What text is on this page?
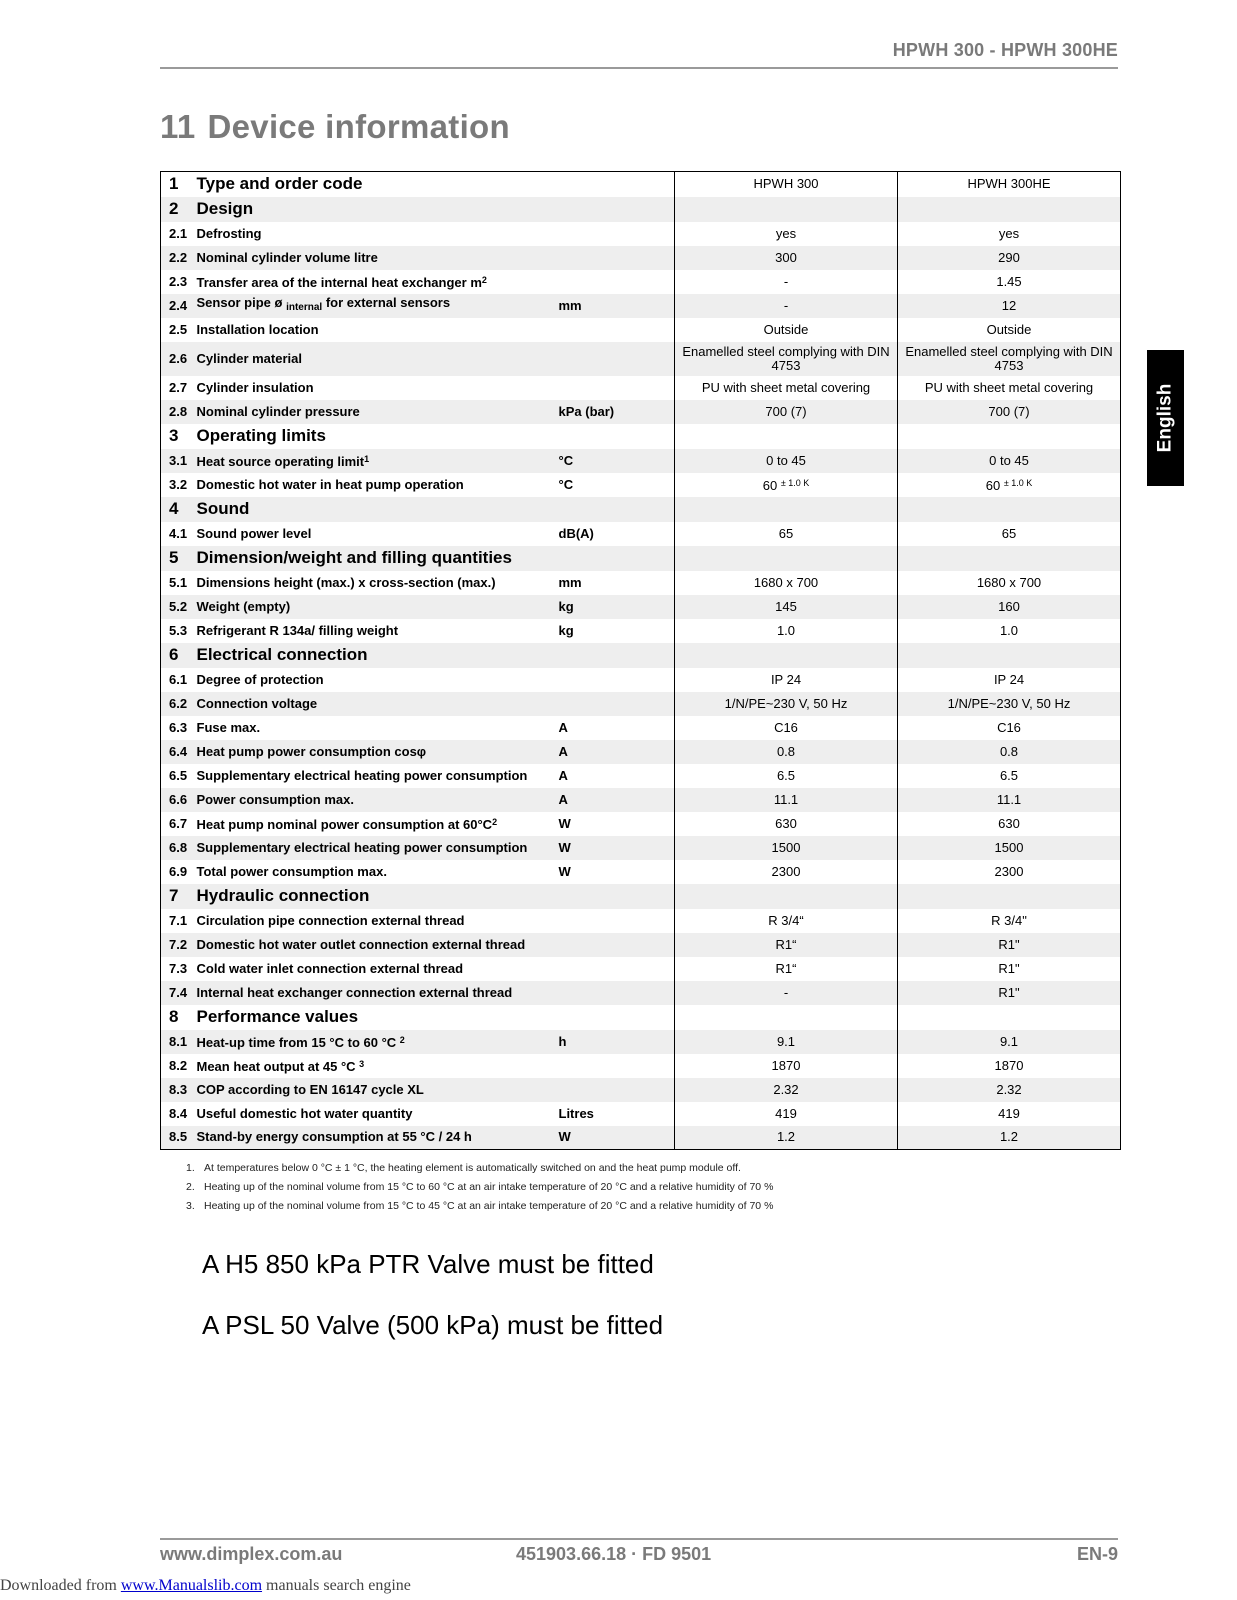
HPWH 300 - HPWH 300HE
11 Device information
English
1	Type and order code		HPWH 300	HPWH 300HE
2	Design			
2.1	Defrosting		yes	yes
2.2	Nominal cylinder volume litre		300	290
2.3	Transfer area of the internal heat exchanger $m^2$		-	1.45
2.4	Sensor pipe ø $_{internal}$ for external sensors	mm	-	12
2.5	Installation location		Outside	Outside
2.6	Cylinder material		Enamelled steel complying with DIN 4753	Enamelled steel complying with DIN 4753
2.7	Cylinder insulation		PU with sheet metal covering	PU with sheet metal covering
2.8	Nominal cylinder pressure	kPa (bar)	700 (7)	700 (7)
3	Operating limits			
3.1	Heat source operating limit$^1$	°C	0 to 45	0 to 45
3.2	Domestic hot water in heat pump operation	°C	60 $^{\pm 1.0 K}$	60 $^{\pm 1.0 K}$
4	Sound			
4.1	Sound power level	dB(A)	65	65
5	Dimension/weight and filling quantities			
5.1	Dimensions height (max.) x cross-section (max.)	mm	1680 x 700	1680 x 700
5.2	Weight (empty)	kg	145	160
5.3	Refrigerant R 134a/ filling weight	kg	1.0	1.0
6	Electrical connection			
6.1	Degree of protection		IP 24	IP 24
6.2	Connection voltage		1/N/PE~230 V, 50 Hz	1/N/PE~230 V, 50 Hz
6.3	Fuse max.	A	C16	C16
6.4	Heat pump power consumption cosφ	A	0.8	0.8
6.5	Supplementary electrical heating power consumption	A	6.5	6.5
6.6	Power consumption max.	A	11.1	11.1
6.7	Heat pump nominal power consumption at $60^\circ C^2$	W	630	630
6.8	Supplementary electrical heating power consumption	W	1500	1500
6.9	Total power consumption max.	W	2300	2300
7	Hydraulic connection			
7.1	Circulation pipe connection external thread		R 3/4“	R 3/4"
7.2	Domestic hot water outlet connection external thread		R1“	R1"
7.3	Cold water inlet connection external thread		R1“	R1"
7.4	Internal heat exchanger connection external thread		-	R1"
8	Performance values			
8.1	Heat-up time from 15 °C to 60 °C $^2$	h	9.1	9.1
8.2	Mean heat output at 45 °C $^3$		1870	1870
8.3	COP according to EN 16147 cycle XL		2.32	2.32
8.4	Useful domestic hot water quantity	Litres	419	419
8.5	Stand-by energy consumption at 55 °C / 24 h	W	1.2	1.2
1. At temperatures below 0 °C ± 1 °C, the heating element is automatically switched on and the heat pump module off.
2. Heating up of the nominal volume from 15 °C to 60 °C at an air intake temperature of 20 °C and a relative humidity of 70 %
3. Heating up of the nominal volume from 15 °C to 45 °C at an air intake temperature of 20 °C and a relative humidity of 70 %
A H5 850 kPa PTR Valve must be fitted
A PSL 50 Valve (500 kPa) must be fitted
www.dimplex.com.au	451903.66.18 · FD 9501	EN-9
Downloaded from www.Manualslib.com manuals search engine
